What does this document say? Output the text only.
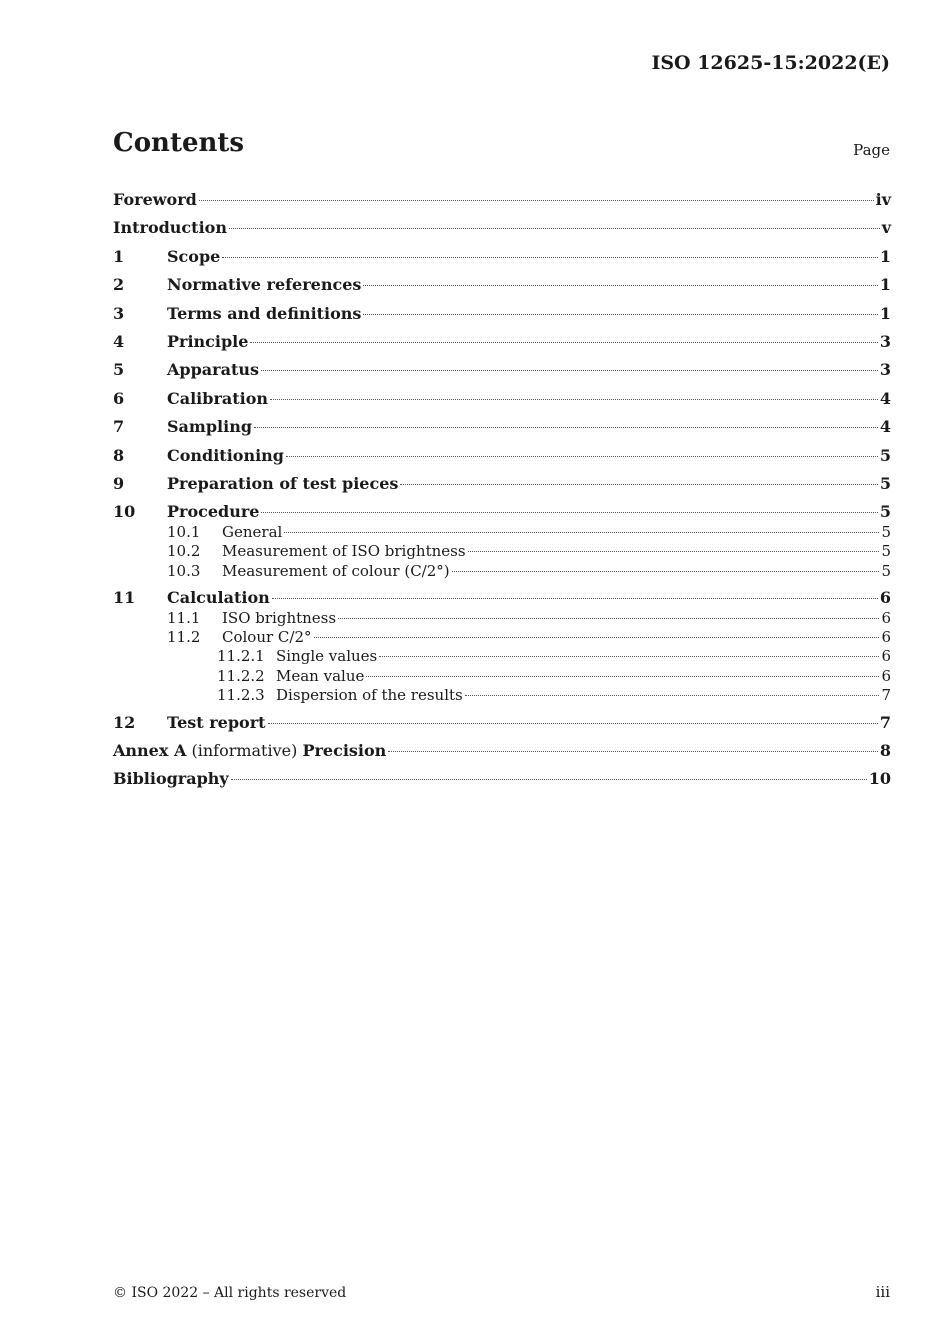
ISO 12625-15:2022(E)
Contents	Page
Foreword	iv
Introduction	v
1	Scope	1
2	Normative references	1
3	Terms and definitions	1
4	Principle	3
5	Apparatus	3
6	Calibration	4
7	Sampling	4
8	Conditioning	5
9	Preparation of test pieces	5
10	Procedure	5
10.1	General	5
10.2	Measurement of ISO brightness	5
10.3	Measurement of colour (C/2°)	5
11	Calculation	6
11.1	ISO brightness	6
11.2	Colour C/2°	6
11.2.1 Single values	6
11.2.2 Mean value	6
11.2.3 Dispersion of the results	7
12	Test report	7
Annex A (informative) Precision	8
Bibliography	10
© ISO 2022 – All rights reserved	iii
